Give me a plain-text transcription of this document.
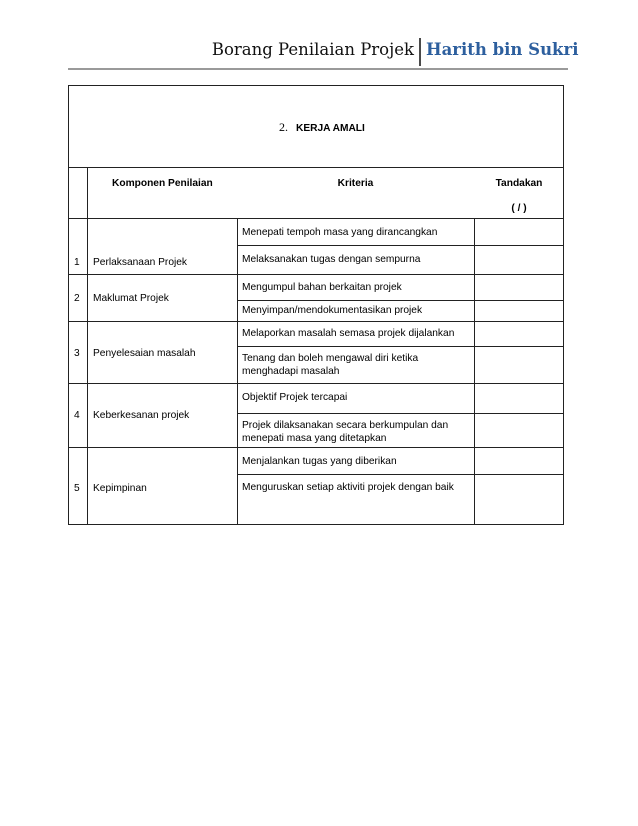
Borang Penilaian Projek Harith bin Sukri
2. KERJA AMALI
Komponen Penilaian	Kriteria	Tandakan
( / )
1 Perlaksanaan Projek
Menepati tempoh masa yang dirancangkan
Melaksanakan tugas dengan sempurna
2 Maklumat Projek
Mengumpul bahan berkaitan projek
Menyimpan/mendokumentasikan projek
3 Penyelesaian masalah
Melaporkan masalah semasa projek dijalankan
Tenang dan boleh mengawal diri ketika
menghadapi masalah
4 Keberkesanan projek
Objektif Projek tercapai
Projek dilaksanakan secara berkumpulan dan
menepati masa yang ditetapkan
5 Kepimpinan
Menjalankan tugas yang diberikan
Menguruskan setiap aktiviti projek dengan baik
